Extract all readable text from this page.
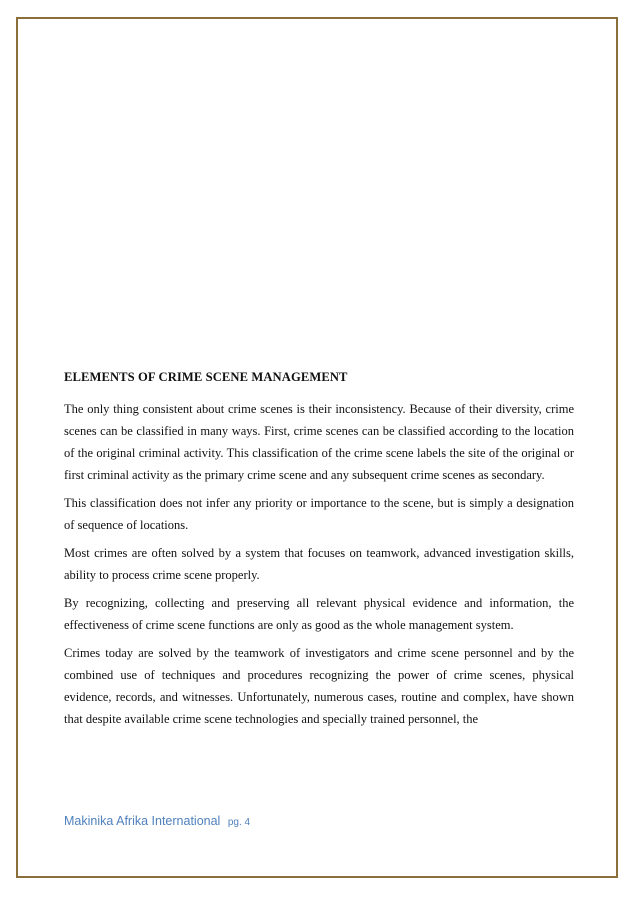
ELEMENTS OF CRIME SCENE MANAGEMENT

The only thing consistent about crime scenes is their inconsistency. Because of their diversity, crime scenes can be classified in many ways. First, crime scenes can be classified according to the location of the original criminal activity. This classification of the crime scene labels the site of the original or first criminal activity as the primary crime scene and any subsequent crime scenes as secondary.

This classification does not infer any priority or importance to the scene, but is simply a designation of sequence of locations.

Most crimes are often solved by a system that focuses on teamwork, advanced investigation skills, ability to process crime scene properly.

By recognizing, collecting and preserving all relevant physical evidence and information, the effectiveness of crime scene functions are only as good as the whole management system.

Crimes today are solved by the teamwork of investigators and crime scene personnel and by the combined use of techniques and procedures recognizing the power of crime scenes, physical evidence, records, and witnesses. Unfortunately, numerous cases, routine and complex, have shown that despite available crime scene technologies and specially trained personnel, the

Makinika Afrika International pg. 4
